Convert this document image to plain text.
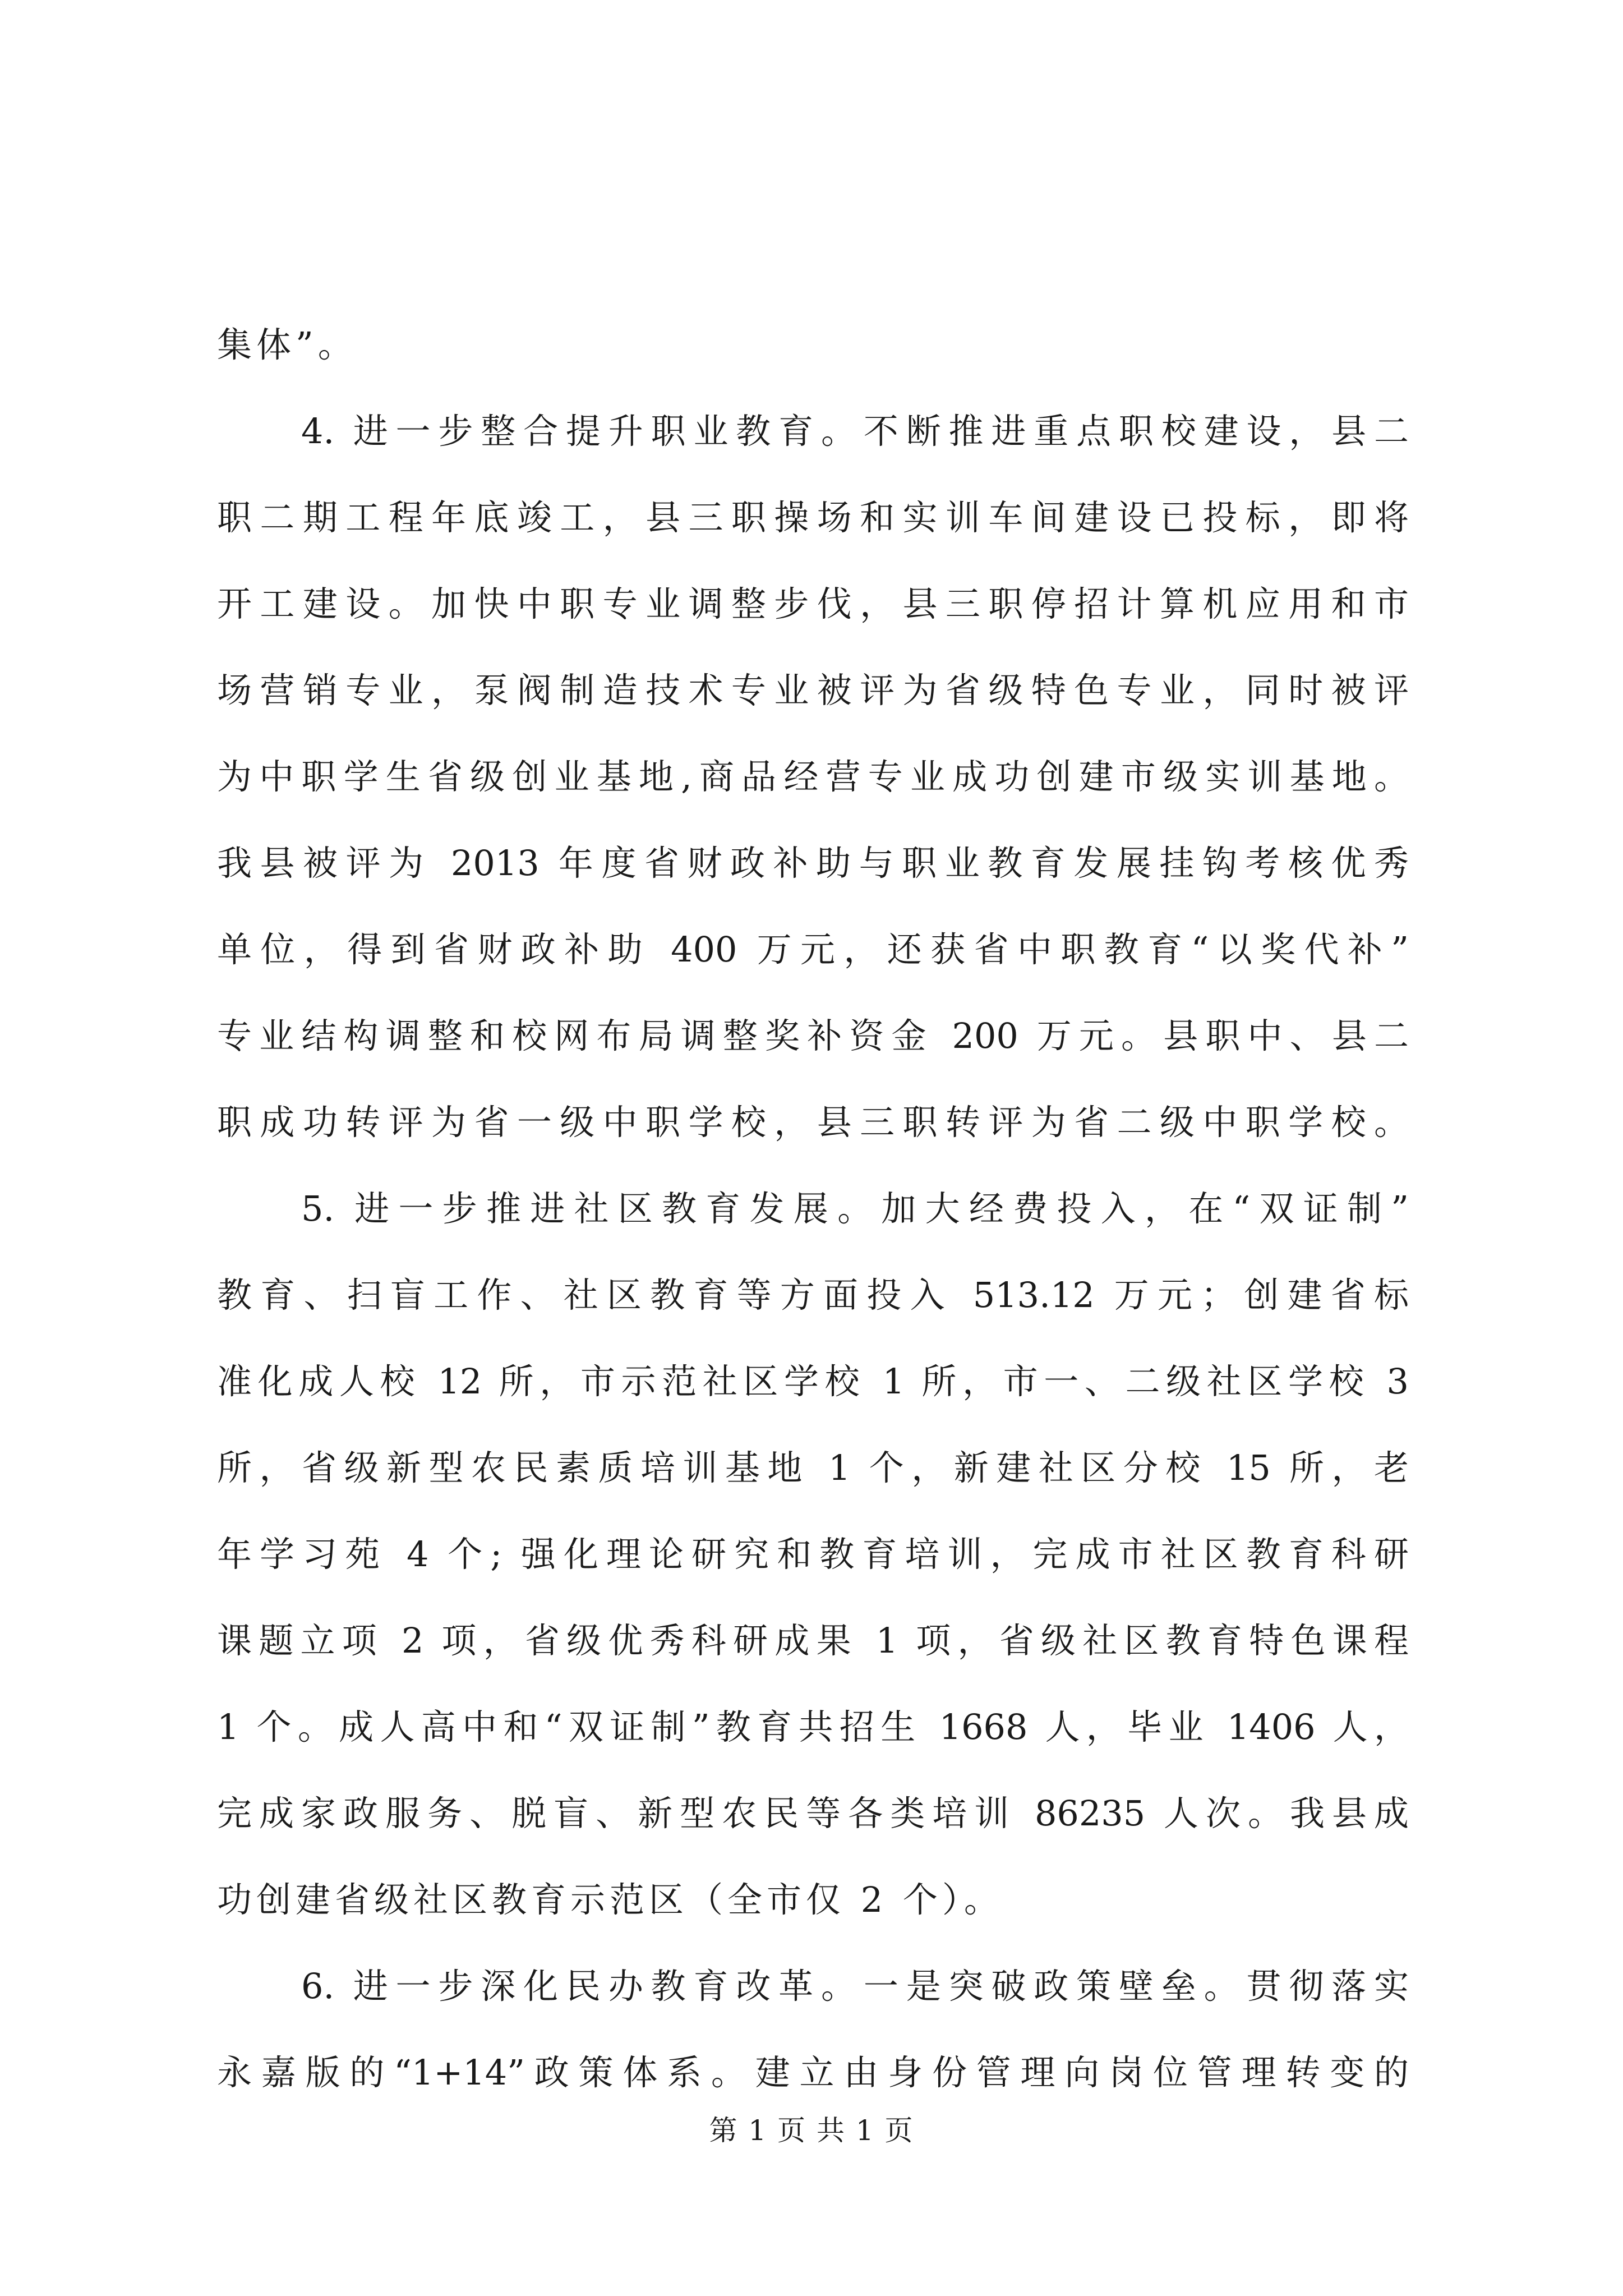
集体”。
4. 进一步整合提升职业教育。不断推进重点职校建设，县二
职二期工程年底竣工，县三职操场和实训车间建设已投标，即将
开工建设。加快中职专业调整步伐，县三职停招计算机应用和市
场营销专业，泵阀制造技术专业被评为省级特色专业，同时被评
为中职学生省级创业基地,商品经营专业成功创建市级实训基地。
我县被评为 2013 年度省财政补助与职业教育发展挂钩考核优秀
单位，得到省财政补助 400 万元，还获省中职教育“以奖代补”
专业结构调整和校网布局调整奖补资金 200 万元。县职中、县二
职成功转评为省一级中职学校，县三职转评为省二级中职学校。
5. 进一步推进社区教育发展。加大经费投入，在“双证制”
教育、扫盲工作、社区教育等方面投入 513.12 万元；创建省标
准化成人校 12 所，市示范社区学校 1 所，市一、二级社区学校 3
所，省级新型农民素质培训基地 1 个，新建社区分校 15 所，老
年学习苑 4 个; 强化理论研究和教育培训，完成市社区教育科研
课题立项 2 项，省级优秀科研成果 1 项，省级社区教育特色课程
1 个。成人高中和“双证制”教育共招生 1668 人，毕业 1406 人，
完成家政服务、脱盲、新型农民等各类培训 86235 人次。我县成
功创建省级社区教育示范区（全市仅 2 个）。
6. 进一步深化民办教育改革。一是突破政策壁垒。贯彻落实
永嘉版的“1+14”政策体系。建立由身份管理向岗位管理转变的
第 1 页 共 1 页
